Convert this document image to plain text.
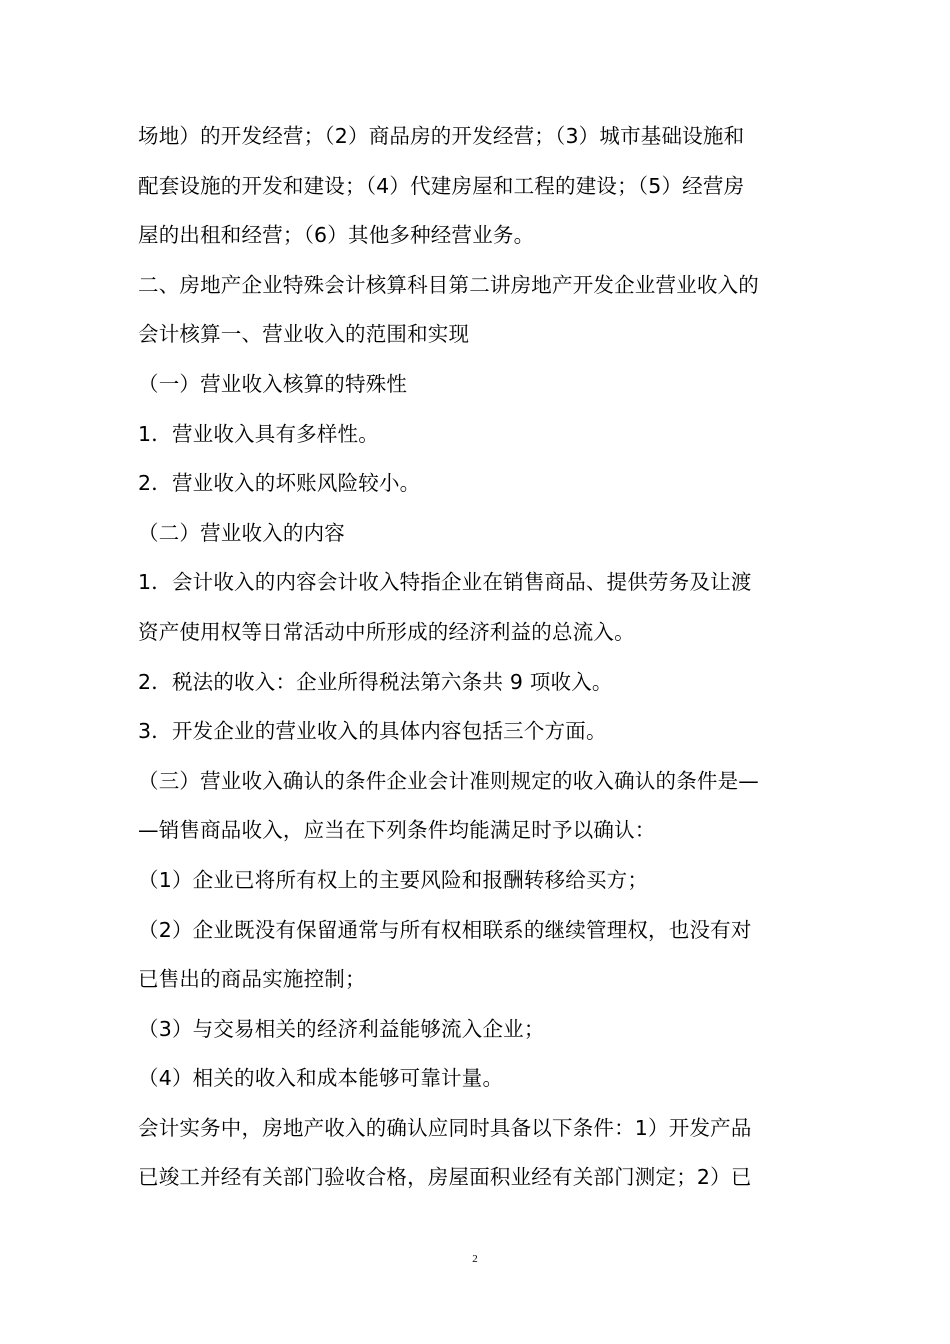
场地）的开发经营；（2）商品房的开发经营；（3）城市基础设施和
配套设施的开发和建设；（4）代建房屋和工程的建设；（5）经营房
屋的出租和经营；（6）其他多种经营业务。
二、房地产企业特殊会计核算科目第二讲房地产开发企业营业收入的
会计核算一、营业收入的范围和实现
（一）营业收入核算的特殊性
1．营业收入具有多样性。
2．营业收入的坏账风险较小。
（二）营业收入的内容
1．会计收入的内容会计收入特指企业在销售商品、提供劳务及让渡
资产使用权等日常活动中所形成的经济利益的总流入。
2．税法的收入：企业所得税法第六条共 9 项收入。
3．开发企业的营业收入的具体内容包括三个方面。
（三）营业收入确认的条件企业会计准则规定的收入确认的条件是—
—销售商品收入，应当在下列条件均能满足时予以确认：
（1）企业已将所有权上的主要风险和报酬转移给买方；
（2）企业既没有保留通常与所有权相联系的继续管理权，也没有对
已售出的商品实施控制；
（3）与交易相关的经济利益能够流入企业；
（4）相关的收入和成本能够可靠计量。
会计实务中，房地产收入的确认应同时具备以下条件：1）开发产品
已竣工并经有关部门验收合格，房屋面积业经有关部门测定；2）已
2
